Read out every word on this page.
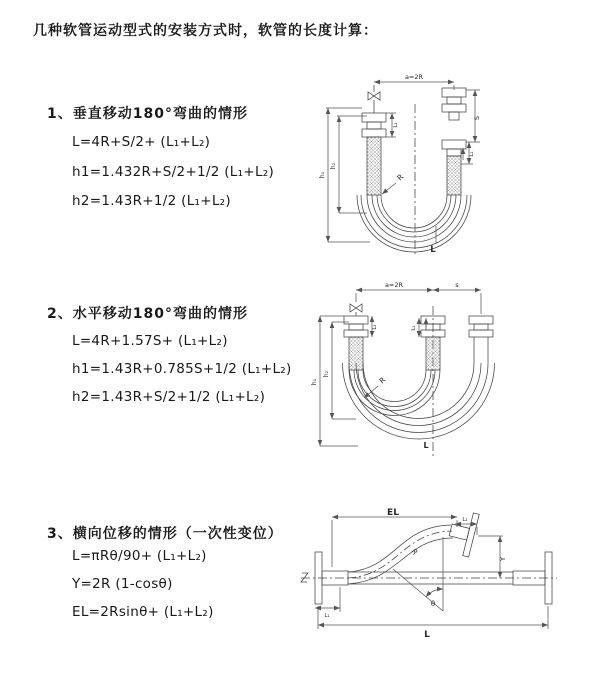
几种软管运动型式的安装方式时，软管的长度计算：
1、垂直移动180°弯曲的情形
L=4R+S/2+ (L₁+L₂)
h1=1.432R+S/2+1/2 (L₁+L₂)
h2=1.43R+1/2 (L₁+L₂)
2、水平移动180°弯曲的情形
L=4R+1.57S+ (L₁+L₂)
h1=1.43R+0.785S+1/2 (L₁+L₂)
h2=1.43R+S/2+1/2 (L₁+L₂)
3、横向位移的情形（一次性变位）
L=πRθ/90+ (L₁+L₂)
Y=2R (1-cosθ)
EL=2Rsinθ+ (L₁+L₂)
a=2R
S
L₁
L₁
h₁
h₂
R
L
a=2R	s
h₁
h₂
L₁	L₁
R
L
EL
L₁
Y
R
θ
L₁
L
